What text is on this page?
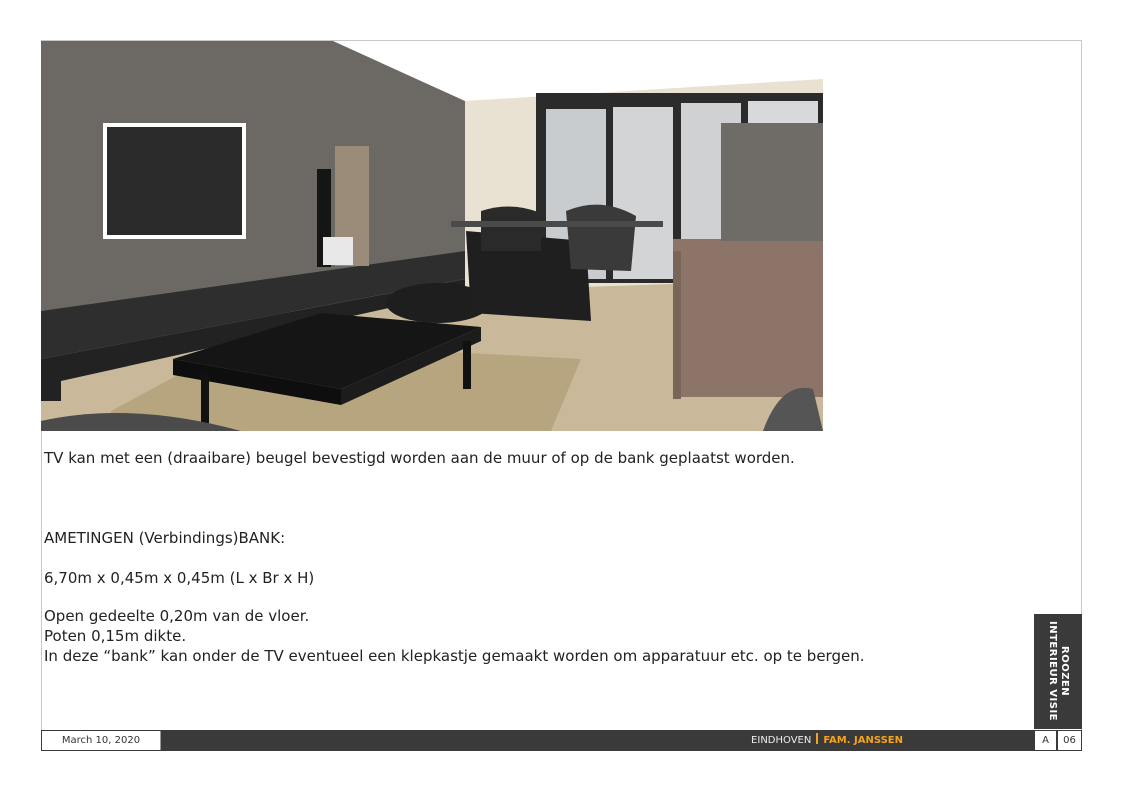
TV kan met een (draaibare) beugel bevestigd worden aan de muur of op de bank geplaatst worden.
AMETINGEN (Verbindings)BANK:
6,70m x 0,45m x 0,45m (L x Br x H)
Open gedeelte 0,20m van de vloer.
Poten 0,15m dikte.
In deze “bank” kan onder de TV eventueel een klepkastje gemaakt worden om apparatuur etc. op te bergen.	ROOZEN
INTERIEUR VISIE
March 10, 2020	EINDHOVEN FAM. JANSSEN	A	06
